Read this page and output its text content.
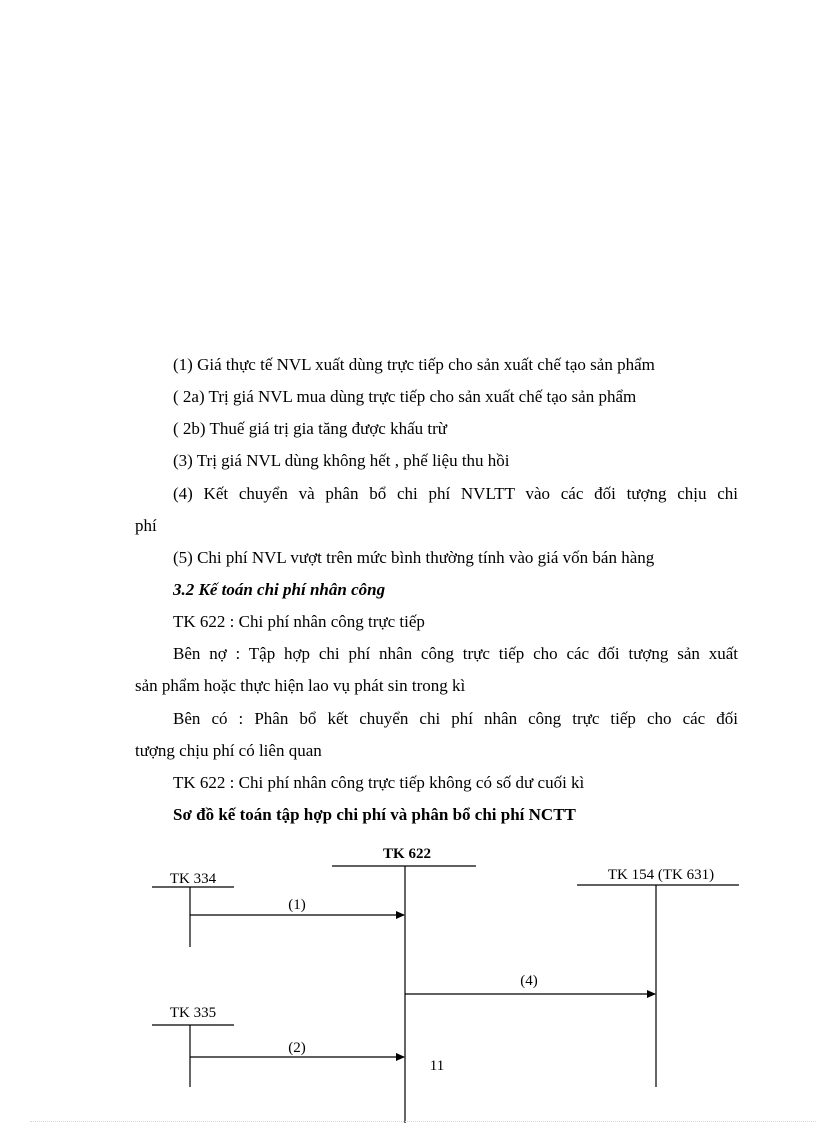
(1) Giá thực tế NVL xuất dùng trực tiếp cho sản xuất chế tạo sản phẩm
( 2a) Trị giá NVL mua dùng trực tiếp cho sản xuất chế tạo sản phẩm
( 2b) Thuế giá trị gia tăng được khấu trừ
(3) Trị giá NVL dùng không hết , phế liệu thu hồi
(4) Kết chuyển và phân bổ chi phí NVLTT vào các đối tượng chịu chi
phí
(5) Chi phí NVL vượt trên mức bình thường tính vào giá vốn bán hàng
3.2 Kế toán chi phí nhân công
TK 622 : Chi phí nhân công trực tiếp
Bên nợ : Tập hợp chi phí nhân công trực tiếp cho các đối tượng sản xuất
sản phẩm hoặc thực hiện lao vụ phát sin trong kì
Bên có : Phân bổ kết chuyển chi phí nhân công trực tiếp cho các đối
tượng chịu phí có liên quan
TK 622 : Chi phí nhân công trực tiếp không có số dư cuối kì
Sơ đồ kế toán tập hợp chi phí và phân bổ chi phí NCTT
TK 622
TK 334	TK 154 (TK 631)
(1)
(4)
TK 335
(2)
11
